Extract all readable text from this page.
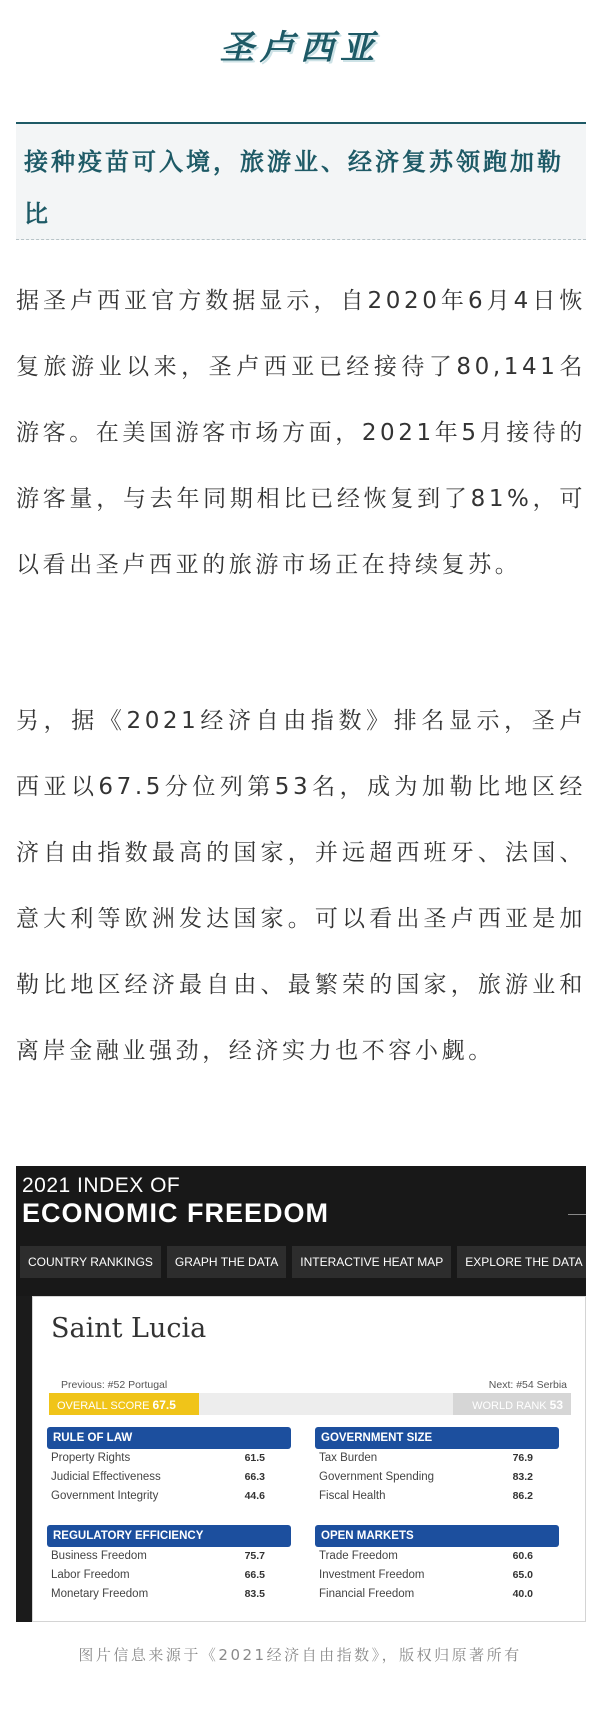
圣卢西亚
接种疫苗可入境，旅游业、经济复苏领跑加勒比
据圣卢西亚官方数据显示，自2020年6月4日恢复旅游业以来，圣卢西亚已经接待了80,141名游客。在美国游客市场方面，2021年5月接待的游客量，与去年同期相比已经恢复到了81%，可以看出圣卢西亚的旅游市场正在持续复苏。
另，据《2021经济自由指数》排名显示，圣卢西亚以67.5分位列第53名，成为加勒比地区经济自由指数最高的国家，并远超西班牙、法国、意大利等欧洲发达国家。可以看出圣卢西亚是加勒比地区经济最自由、最繁荣的国家，旅游业和离岸金融业强劲，经济实力也不容小觑。
2021 INDEX OF
ECONOMIC FREEDOM
COUNTRY RANKINGS	GRAPH THE DATA	INTERACTIVE HEAT MAP	EXPLORE THE DATA
Saint Lucia
Previous: #52 Portugal	Next: #54 Serbia
OVERALL SCORE 67.5	WORLD RANK 53
RULE OF LAW
Property Rights	61.5
Judicial Effectiveness	66.3
Government Integrity	44.6
GOVERNMENT SIZE
Tax Burden	76.9
Government Spending	83.2
Fiscal Health	86.2
REGULATORY EFFICIENCY
Business Freedom	75.7
Labor Freedom	66.5
Monetary Freedom	83.5
OPEN MARKETS
Trade Freedom	60.6
Investment Freedom	65.0
Financial Freedom	40.0
图片信息来源于《2021经济自由指数》，版权归原著所有
